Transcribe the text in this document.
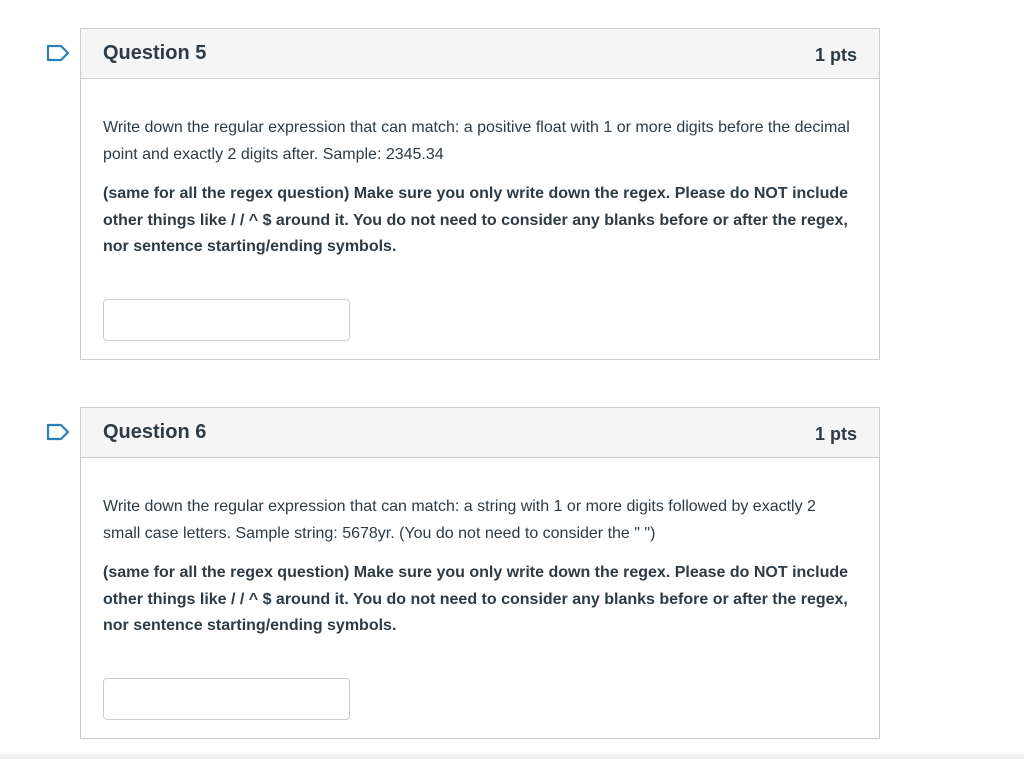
Question 5	1 pts

Write down the regular expression that can match: a positive float with 1 or more digits before the decimal point and exactly 2 digits after. Sample: 2345.34

(same for all the regex question) Make sure you only write down the regex. Please do NOT include other things like / / ^ $ around it. You do not need to consider any blanks before or after the regex, nor sentence starting/ending symbols.

Question 6	1 pts

Write down the regular expression that can match: a string with 1 or more digits followed by exactly 2 small case letters. Sample string: 5678yr. (You do not need to consider the " ")

(same for all the regex question) Make sure you only write down the regex. Please do NOT include other things like / / ^ $ around it. You do not need to consider any blanks before or after the regex, nor sentence starting/ending symbols.
